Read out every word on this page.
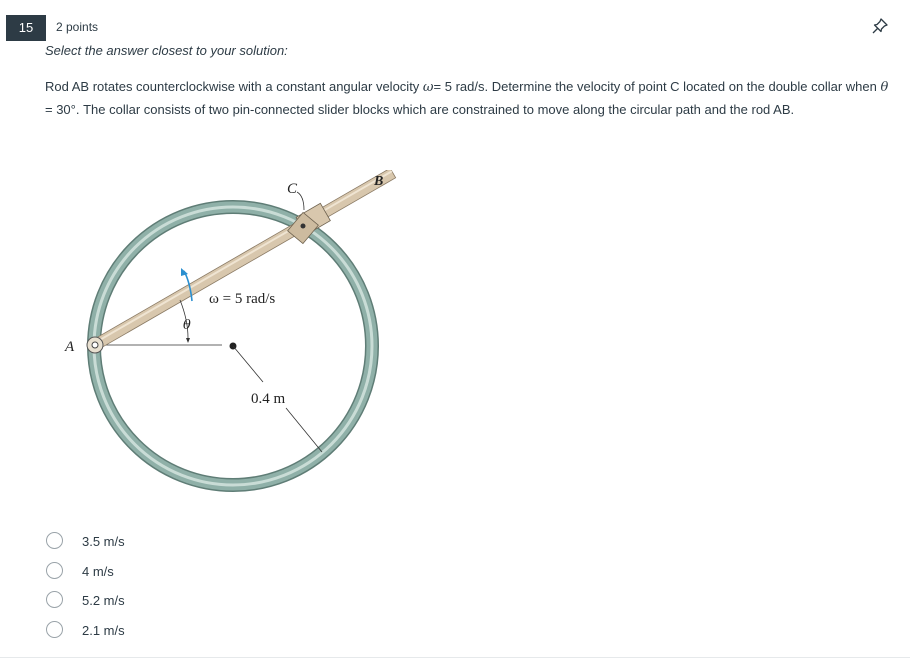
15	2 points
Select the answer closest to your solution:
Rod AB rotates counterclockwise with a constant angular velocity ω= 5 rad/s. Determine the velocity of point C located on the double collar when θ = 30°. The collar consists of two pin-connected slider blocks which are constrained to move along the circular path and the rod AB.
A
B
C
θ
ω = 5 rad/s
0.4 m
3.5 m/s
4 m/s
5.2 m/s
2.1 m/s
